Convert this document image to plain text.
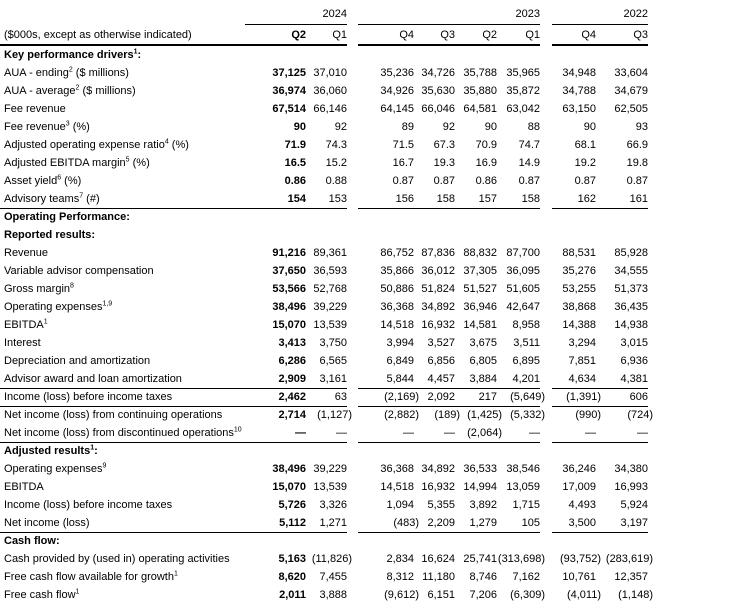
2024	2023	2022
($000s, except as otherwise indicated)	Q2 Q1	Q4 Q3 Q2	Q1	Q4	Q3
Key performance drivers$^1$:
AUA - ending$^2$ ($ millions)	37,125 37,010	35,236 34,726 35,788 35,965 34,948 33,604
AUA - average$^2$ ($ millions)	36,974 36,060	34,926 35,630 35,880 35,872 34,788 34,679
Fee revenue	67,514 66,146	64,145 66,046 64,581 63,042 63,150 62,505
Fee revenue$^3$ (%)	90	92	89	92	90	88	90	93
Adjusted operating expense ratio$^4$ (%)	71.9 74.3	71.5 67.3 70.9 74.7	68.1	66.9
Adjusted EBITDA margin$^5$ (%)	16.5 15.2	16.7 19.3 16.9 14.9	19.2	19.8
Asset yield$^6$ (%)	0.86 0.88	0.87 0.87 0.86 0.87	0.87	0.87
Advisory teams$^7$ (#)	154 153	156 158 157 158	162	161
Operating Performance:
Reported results:
Revenue	91,216 89,361	86,752 87,836 88,832 87,700 88,531 85,928
Variable advisor compensation	37,650 36,593	35,866 36,012 37,305 36,095 35,276 34,555
Gross margin$^8$	53,566 52,768	50,886 51,824 51,527 51,605 53,255 51,373
Operating expenses$^{1,9}$	38,496 39,229	36,368 34,892 36,946 42,647 38,868 36,435
EBITDA$^1$	15,070 13,539	14,518 16,932 14,581 8,958 14,388 14,938
Interest	3,413 3,750	3,994 3,527 3,675 3,511	3,294 3,015
Depreciation and amortization	6,286 6,565	6,849 6,856 6,805 6,895	7,851 6,936
Advisor award and loan amortization	2,909 3,161	5,844 4,457 3,884 4,201	4,634 4,381
Income (loss) before income taxes	2,462	63	(2,169) 2,092 217 (5,649) (1,391)	606
Net income (loss) from continuing operations	2,714 (1,127)	(2,882) (189) (1,425) (5,332)	(990) (724)
Net income (loss) from discontinued operations$^{10}$	—	—	—	— (2,064) —	—	—
Adjusted results$^1$:
Operating expenses$^9$	38,496 39,229	36,368 34,892 36,533 38,546 36,246 34,380
EBITDA	15,070 13,539	14,518 16,932 14,994 13,059 17,009 16,993
Income (loss) before income taxes	5,726 3,326	1,094 5,355 3,892 1,715	4,493 5,924
Net income (loss)	5,112 1,271	(483) 2,209 1,279 105	3,500 3,197
Cash flow:
Cash provided by (used in) operating activities	5,163 (11,826)	2,834 16,624 25,741 (313,698) (93,752) (283,619)
Free cash flow available for growth$^1$	8,620 7,455	8,312 11,180 8,746 7,162 10,761 12,357
Free cash flow$^1$	2,011 3,888	(9,612) 6,151 7,206 (6,309) (4,011) (1,148)
